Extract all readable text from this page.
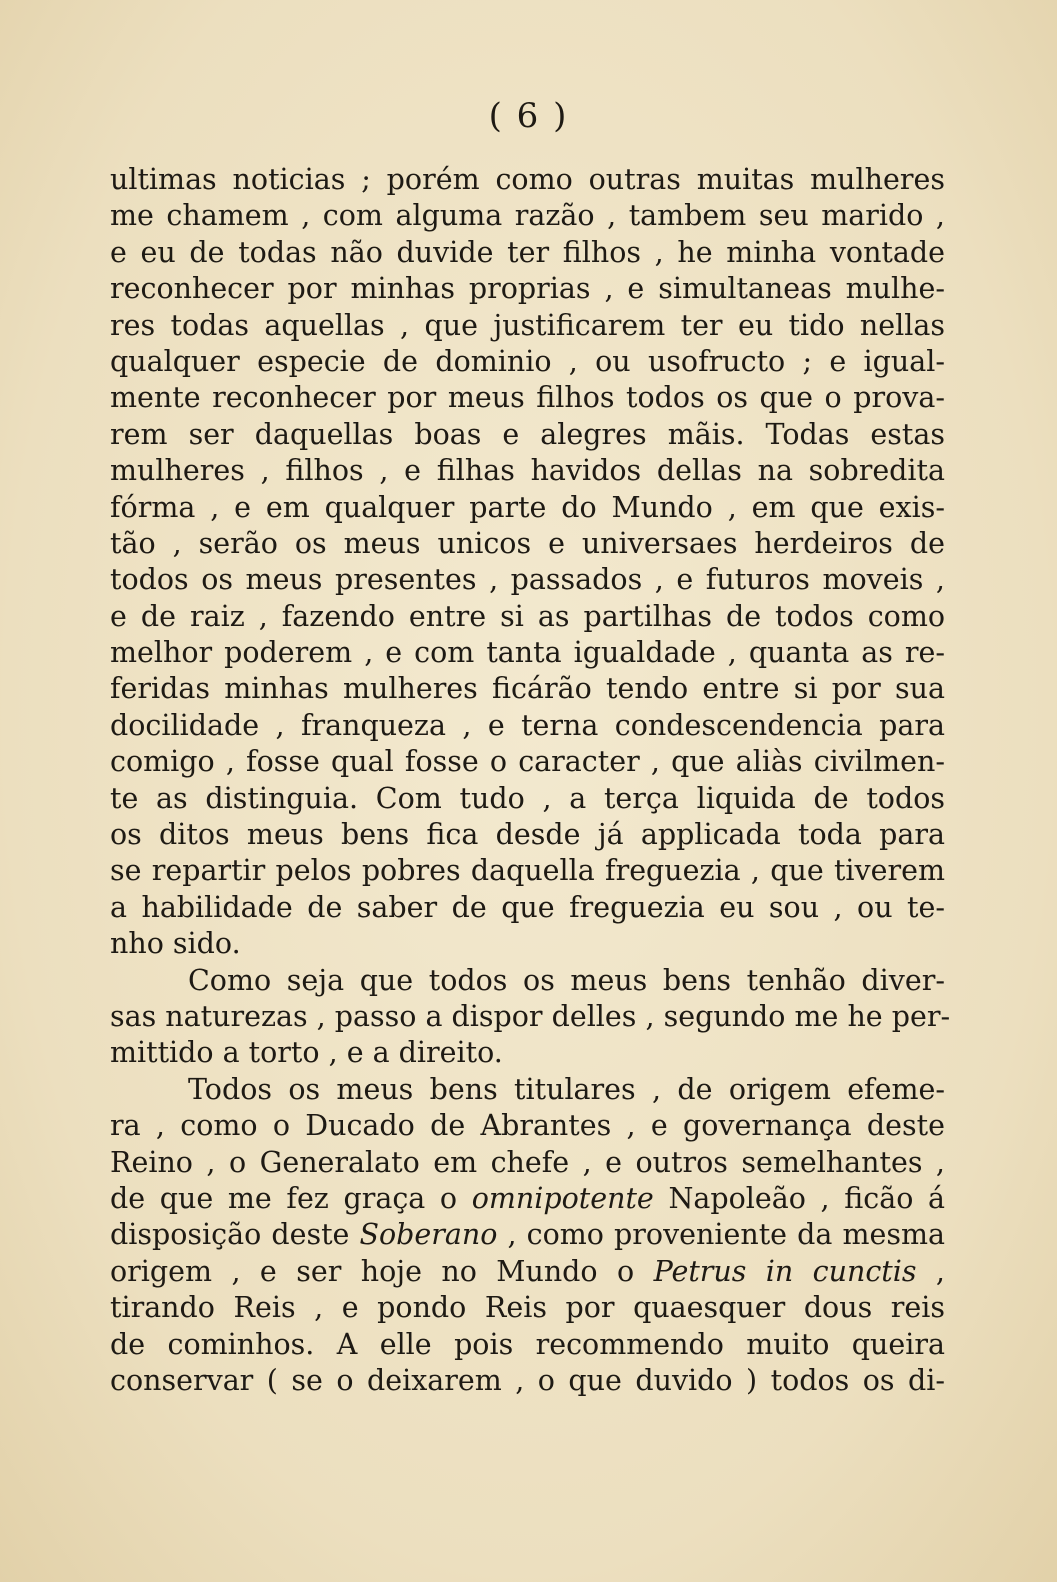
( 6 )
ultimas noticias ; porém como outras muitas mulheres
me chamem , com alguma razão , tambem seu marido ,
e eu de todas não duvide ter filhos , he minha vontade
reconhecer por minhas proprias , e simultaneas mulhe-
res todas aquellas , que justificarem ter eu tido nellas
qualquer especie de dominio , ou usofructo ; e igual-
mente reconhecer por meus filhos todos os que o prova-
rem ser daquellas boas e alegres mãis. Todas estas
mulheres , filhos , e filhas havidos dellas na sobredita
fórma , e em qualquer parte do Mundo , em que exis-
tão , serão os meus unicos e universaes herdeiros de
todos os meus presentes , passados , e futuros moveis ,
e de raiz , fazendo entre si as partilhas de todos como
melhor poderem , e com tanta igualdade , quanta as re-
feridas minhas mulheres ficárão tendo entre si por sua
docilidade , franqueza , e terna condescendencia para
comigo , fosse qual fosse o caracter , que aliàs civilmen-
te as distinguia. Com tudo , a terça liquida de todos
os ditos meus bens fica desde já applicada toda para
se repartir pelos pobres daquella freguezia , que tiverem
a habilidade de saber de que freguezia eu sou , ou te-
nho sido.
Como seja que todos os meus bens tenhão diver-
sas naturezas , passo a dispor delles , segundo me he per-
mittido a torto , e a direito.
Todos os meus bens titulares , de origem efeme-
ra , como o Ducado de Abrantes , e governança deste
Reino , o Generalato em chefe , e outros semelhantes ,
de que me fez graça o omnipotente Napoleão , ficão á
disposição deste Soberano , como proveniente da mesma
origem , e ser hoje no Mundo o Petrus in cunctis ,
tirando Reis , e pondo Reis por quaesquer dous reis
de cominhos. A elle pois recommendo muito queira
conservar ( se o deixarem , o que duvido ) todos os di-
